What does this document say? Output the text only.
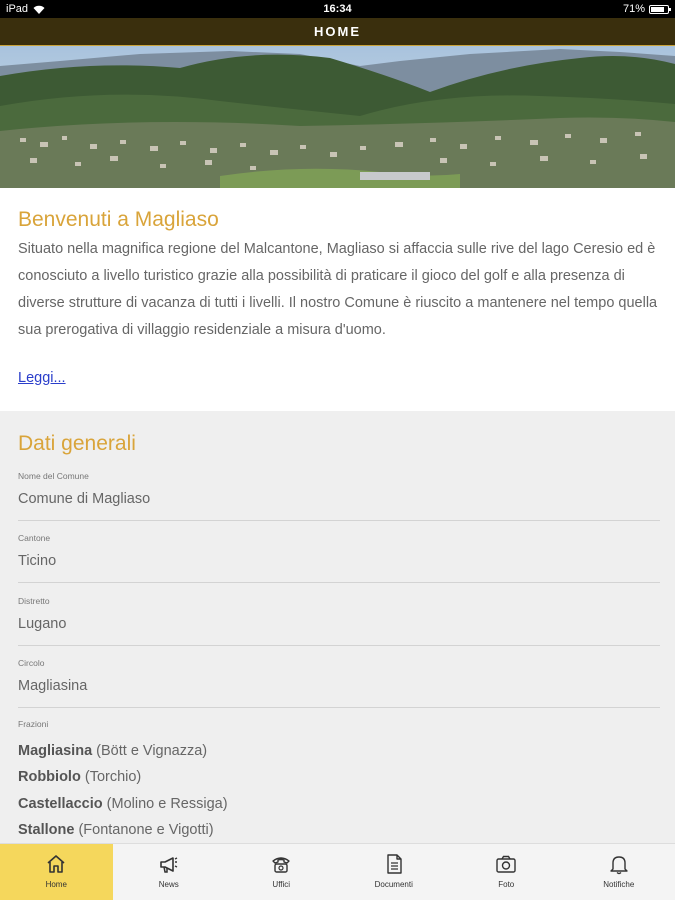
iPad	16:34	71%
HOME
Benvenuti a Magliaso

Situato nella magnifica regione del Malcantone, Magliaso si affaccia sulle rive del lago Ceresio ed è conosciuto a livello turistico grazie alla possibilità di praticare il gioco del golf e alla presenza di diverse strutture di vacanza di tutti i livelli. Il nostro Comune è riuscito a mantenere nel tempo quella sua prerogativa di villaggio residenziale a misura d'uomo.

Leggi...
Dati generali
Nome del Comune
Comune di Magliaso
Cantone
Ticino
Distretto
Lugano
Circolo
Magliasina
Frazioni
Magliasina (Bött e Vignazza)
Robbiolo (Torchio)
Castellaccio (Molino e Ressiga)
Stallone (Fontanone e Vigotti)
Home	News	Uffici	Documenti	Foto	Notifiche
